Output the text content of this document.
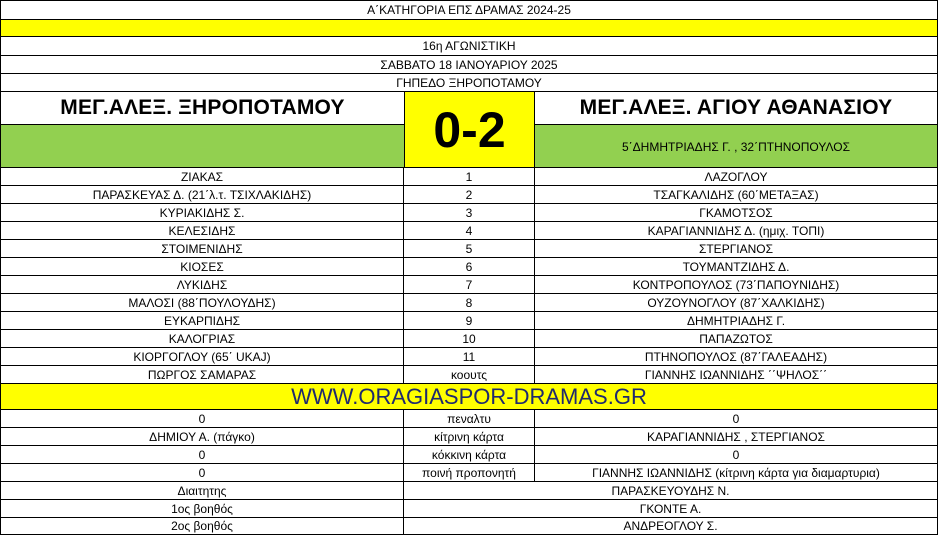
Α΄ΚΑΤΗΓΟΡΙΑ ΕΠΣ ΔΡΑΜΑΣ 2024-25
16η ΑΓΩΝΙΣΤΙΚΗ
ΣΑΒΒΑΤΟ 18 ΙΑΝΟΥΑΡΙΟΥ 2025
ΓΗΠΕΔΟ ΞΗΡΟΠΟΤΑΜΟΥ
ΜΕΓ.ΑΛΕΞ. ΞΗΡΟΠΟΤΑΜΟΥ	0-2	ΜΕΓ.ΑΛΕΞ. ΑΓΙΟΥ ΑΘΑΝΑΣΙΟΥ
5΄ΔΗΜΗΤΡΙΑΔΗΣ Γ. , 32΄ΠΤΗΝΟΠΟΥΛΟΣ
ΖΙΑΚΑΣ	1	ΛΑΖΟΓΛΟΥ
ΠΑΡΑΣΚΕΥΑΣ Δ. (21΄λ.τ. ΤΣΙΧΛΑΚΙΔΗΣ)	2	ΤΣΑΓΚΑΛΙΔΗΣ (60΄ΜΕΤΑΞΑΣ)
ΚΥΡΙΑΚΙΔΗΣ Σ.	3	ΓΚΑΜΟΤΣΟΣ
ΚΕΛΕΣΙΔΗΣ	4	ΚΑΡΑΓΙΑΝΝΙΔΗΣ Δ. (ημιχ. ΤΟΠΙ)
ΣΤΟΙΜΕΝΙΔΗΣ	5	ΣΤΕΡΓΙΑΝΟΣ
ΚΙΟΣΕΣ	6	ΤΟΥΜΑΝΤΖΙΔΗΣ Δ.
ΛΥΚΙΔΗΣ	7	ΚΟΝΤΡΟΠΟΥΛΟΣ (73΄ΠΑΠΟΥΝΙΔΗΣ)
ΜΑΛΟΣΙ (88΄ΠΟΥΛΟΥΔΗΣ)	8	ΟΥΖΟΥΝΟΓΛΟΥ (87΄ΧΑΛΚΙΔΗΣ)
ΕΥΚΑΡΠΙΔΗΣ	9	ΔΗΜΗΤΡΙΑΔΗΣ Γ.
ΚΑΛΟΓΡΙΑΣ	10	ΠΑΠΑΖΩΤΟΣ
ΚΙΟΡΓΟΓΛΟΥ (65΄ UKAJ)	11	ΠΤΗΝΟΠΟΥΛΟΣ (87΄ΓΑΛΕΑΔΗΣ)
ΠΩΡΓΟΣ ΣΑΜΑΡΑΣ	κοουτς	ΓΙΑΝΝΗΣ ΙΩΑΝΝΙΔΗΣ ΄΄ΨΗΛΟΣ΄΄
WWW.ORAGIASPOR-DRAMAS.GR
0	πεναλτυ	0
ΔΗΜΙΟΥ Α. (πάγκο)	κίτρινη κάρτα	ΚΑΡΑΓΙΑΝΝΙΔΗΣ , ΣΤΕΡΓΙΑΝΟΣ
0	κόκκινη κάρτα	0
0	ποινή προπονητή	ΓΙΑΝΝΗΣ ΙΩΑΝΝΙΔΗΣ (κίτρινη κάρτα για διαμαρτυρια)
Διαιτητης	ΠΑΡΑΣΚΕΥΟΥΔΗΣ Ν.
1ος βοηθός	ΓΚΟΝΤΕ Α.
2ος βοηθός	ΑΝΔΡΕΟΓΛΟΥ Σ.
